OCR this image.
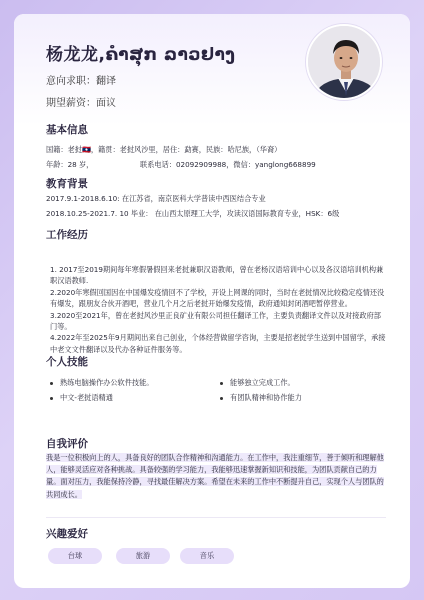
杨龙龙,ຄຳສຸກ ລາວຢາງ
意向求职：翻译
期望薪资：面议
基本信息
国籍：老挝🇱🇦，籍贯：老挝风沙里，居住：勐赛，民族：哈尼族，（华裔）
年龄：28 岁，	联系电话：02092909988，微信：yanglong668899
教育背景
2017.9.1-2018.6.10: 在江苏省，南京医科大学普读中西医结合专业
2018.10.25-2021.7. 10 毕业： 在山西太原理工大学，攻读汉语国际教育专业，HSK：6级
工作经历
1. 2017至2019期间每年寒假暑假回来老挝兼职汉语教师，曾在老杨汉语培训中心以及各汉语培训机构兼职汉语教师.
2.2020年寒假回国因在中国爆发疫情回不了学校，开设上网课的同时，当时在老挝情况比较稳定疫情还没有爆发，跟朋友合伙开酒吧，营业几个月之后老挝开始爆发疫情，政府通知封闭酒吧暂停营业。
3.2020至2021年，曾在老挝风沙里正良矿业有限公司担任翻译工作，主要负责翻译文件以及对接政府部门等。
4.2022年至2025年9月期间出来自己创业，个体经营做留学咨询，主要是招老挝学生送到中国留学，承接中老文文件翻译以及代办各种证件服务等。
个人技能
熟练电脑操作办公软件技能。	能够独立完成工作。
中文-老挝语精通	有团队精神和协作能力
自我评价
我是一位积极向上的人，具备良好的团队合作精神和沟通能力。在工作中，我注重细节，善于倾听和理解他人，能够灵活应对各种挑战。具备较强的学习能力，我能够迅速掌握新知识和技能，为团队贡献自己的力量。面对压力，我能保持冷静，寻找最佳解决方案。希望在未来的工作中不断提升自己，实现个人与团队的共同成长。
兴趣爱好
台球	旅游	音乐
